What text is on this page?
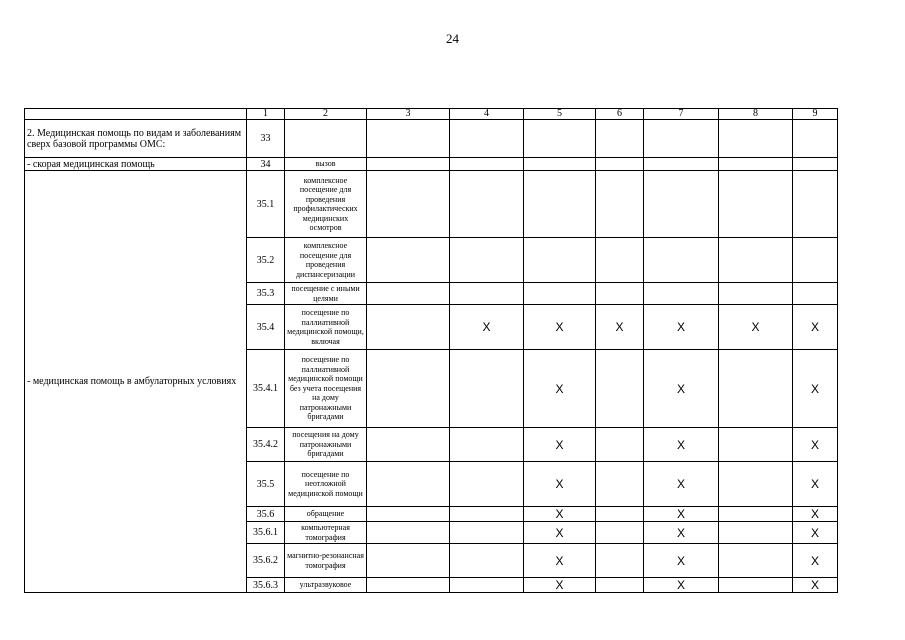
24
	1	2	3	4	5	6	7	8	9
2. Медицинская помощь по видам и заболеваниям сверх базовой программы ОМС:	33								
- скорая медицинская помощь	34	вызов							
- медицинская помощь в амбулаторных условиях	35.1	комплексное посещение для проведения профилактических медицинских осмотров							
	35.2	комплексное посещение для проведения диспансеризации							
	35.3	посещение с иными целями							
	35.4	посещение по паллиативной медицинской помощи, включая		Х	Х	Х	Х	Х	Х
	35.4.1	посещение по паллиативной медицинской помощи без учета посещения на дому патронажными бригадами			Х		Х		Х
	35.4.2	посещения на дому патронажными бригадами			Х		Х		Х
	35.5	посещение по неотложной медицинской помощи			Х		Х		Х
	35.6	обращение			Х		Х		Х
	35.6.1	компьютерная томография			Х		Х		Х
	35.6.2	магнитно-резонансная томография			Х		Х		Х
	35.6.3	ультразвуковое			Х		Х		Х
